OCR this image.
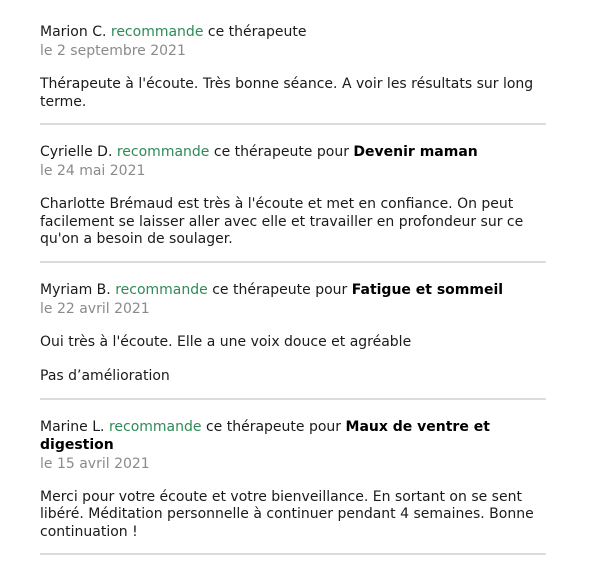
Marion C. recommande ce thérapeute
le 2 septembre 2021
Thérapeute à l'écoute. Très bonne séance. A voir les résultats sur long terme.
Cyrielle D. recommande ce thérapeute pour Devenir maman
le 24 mai 2021
Charlotte Brémaud est très à l'écoute et met en confiance. On peut facilement se laisser aller avec elle et travailler en profondeur sur ce qu'on a besoin de soulager.
Myriam B. recommande ce thérapeute pour Fatigue et sommeil
le 22 avril 2021
Oui très à l'écoute. Elle a une voix douce et agréable
Pas d’amélioration
Marine L. recommande ce thérapeute pour Maux de ventre et digestion
le 15 avril 2021
Merci pour votre écoute et votre bienveillance. En sortant on se sent libéré. Méditation personnelle à continuer pendant 4 semaines. Bonne continuation !
